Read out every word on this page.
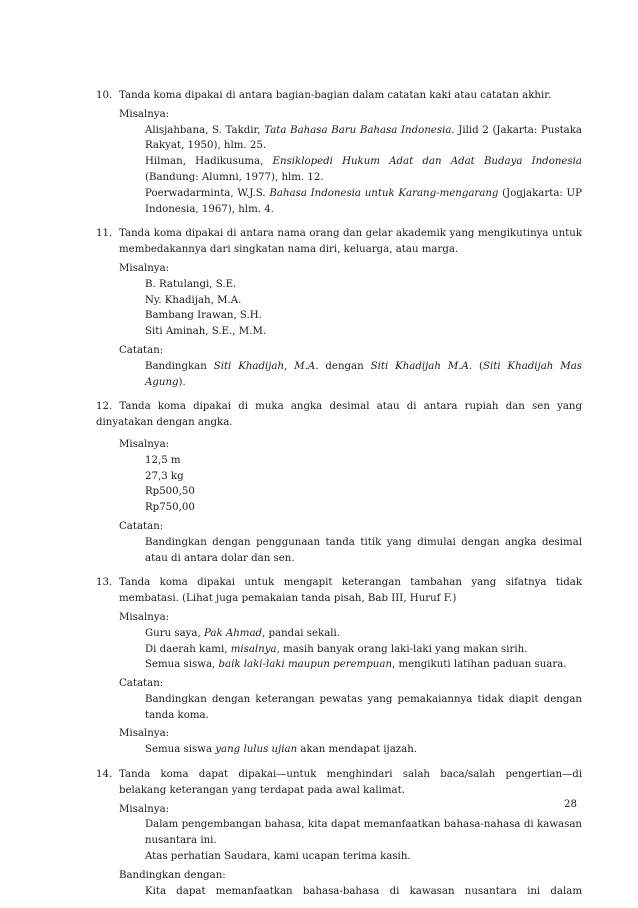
10. Tanda koma dipakai di antara bagian-bagian dalam catatan kaki atau catatan akhir.
Misalnya:
Alisjahbana, S. Takdir, Tata Bahasa Baru Bahasa Indonesia. Jilid 2 (Jakarta: Pustaka Rakyat, 1950), hlm. 25.
Hilman, Hadikusuma, Ensiklopedi Hukum Adat dan Adat Budaya Indonesia (Bandung: Alumni, 1977), hlm. 12.
Poerwadarminta, W.J.S. Bahasa Indonesia untuk Karang-mengarang (Jogjakarta: UP Indonesia, 1967), hlm. 4.
11. Tanda koma dipakai di antara nama orang dan gelar akademik yang mengikutinya untuk membedakannya dari singkatan nama diri, keluarga, atau marga.
Misalnya:
B. Ratulangi, S.E.
Ny. Khadijah, M.A.
Bambang Irawan, S.H.
Siti Aminah, S.E., M.M.
Catatan:
Bandingkan Siti Khadijah, M.A. dengan Siti Khadijah M.A. (Siti Khadijah Mas Agung).
12. Tanda koma dipakai di muka angka desimal atau di antara rupiah dan sen yang dinyatakan dengan angka.
Misalnya:
12,5 m
27,3 kg
Rp500,50
Rp750,00
Catatan:
Bandingkan dengan penggunaan tanda titik yang dimulai dengan angka desimal atau di antara dolar dan sen.
13. Tanda koma dipakai untuk mengapit keterangan tambahan yang sifatnya tidak membatasi. (Lihat juga pemakaian tanda pisah, Bab III, Huruf F.)
Misalnya:
Guru saya, Pak Ahmad, pandai sekali.
Di daerah kami, misalnya, masih banyak orang laki-laki yang makan sirih.
Semua siswa, baik laki-laki maupun perempuan, mengikuti latihan paduan suara.
Catatan:
Bandingkan dengan keterangan pewatas yang pemakaiannya tidak diapit dengan tanda koma.
Misalnya:
Semua siswa yang lulus ujian akan mendapat ijazah.
14. Tanda koma dapat dipakai—untuk menghindari salah baca/salah pengertian—di belakang keterangan yang terdapat pada awal kalimat.
Misalnya:
Dalam pengembangan bahasa, kita dapat memanfaatkan bahasa-nahasa di kawasan nusantara ini.
Atas perhatian Saudara, kami ucapan terima kasih.
Bandingkan dengan:
Kita dapat memanfaatkan bahasa-bahasa di kawasan nusantara ini dalam
28
